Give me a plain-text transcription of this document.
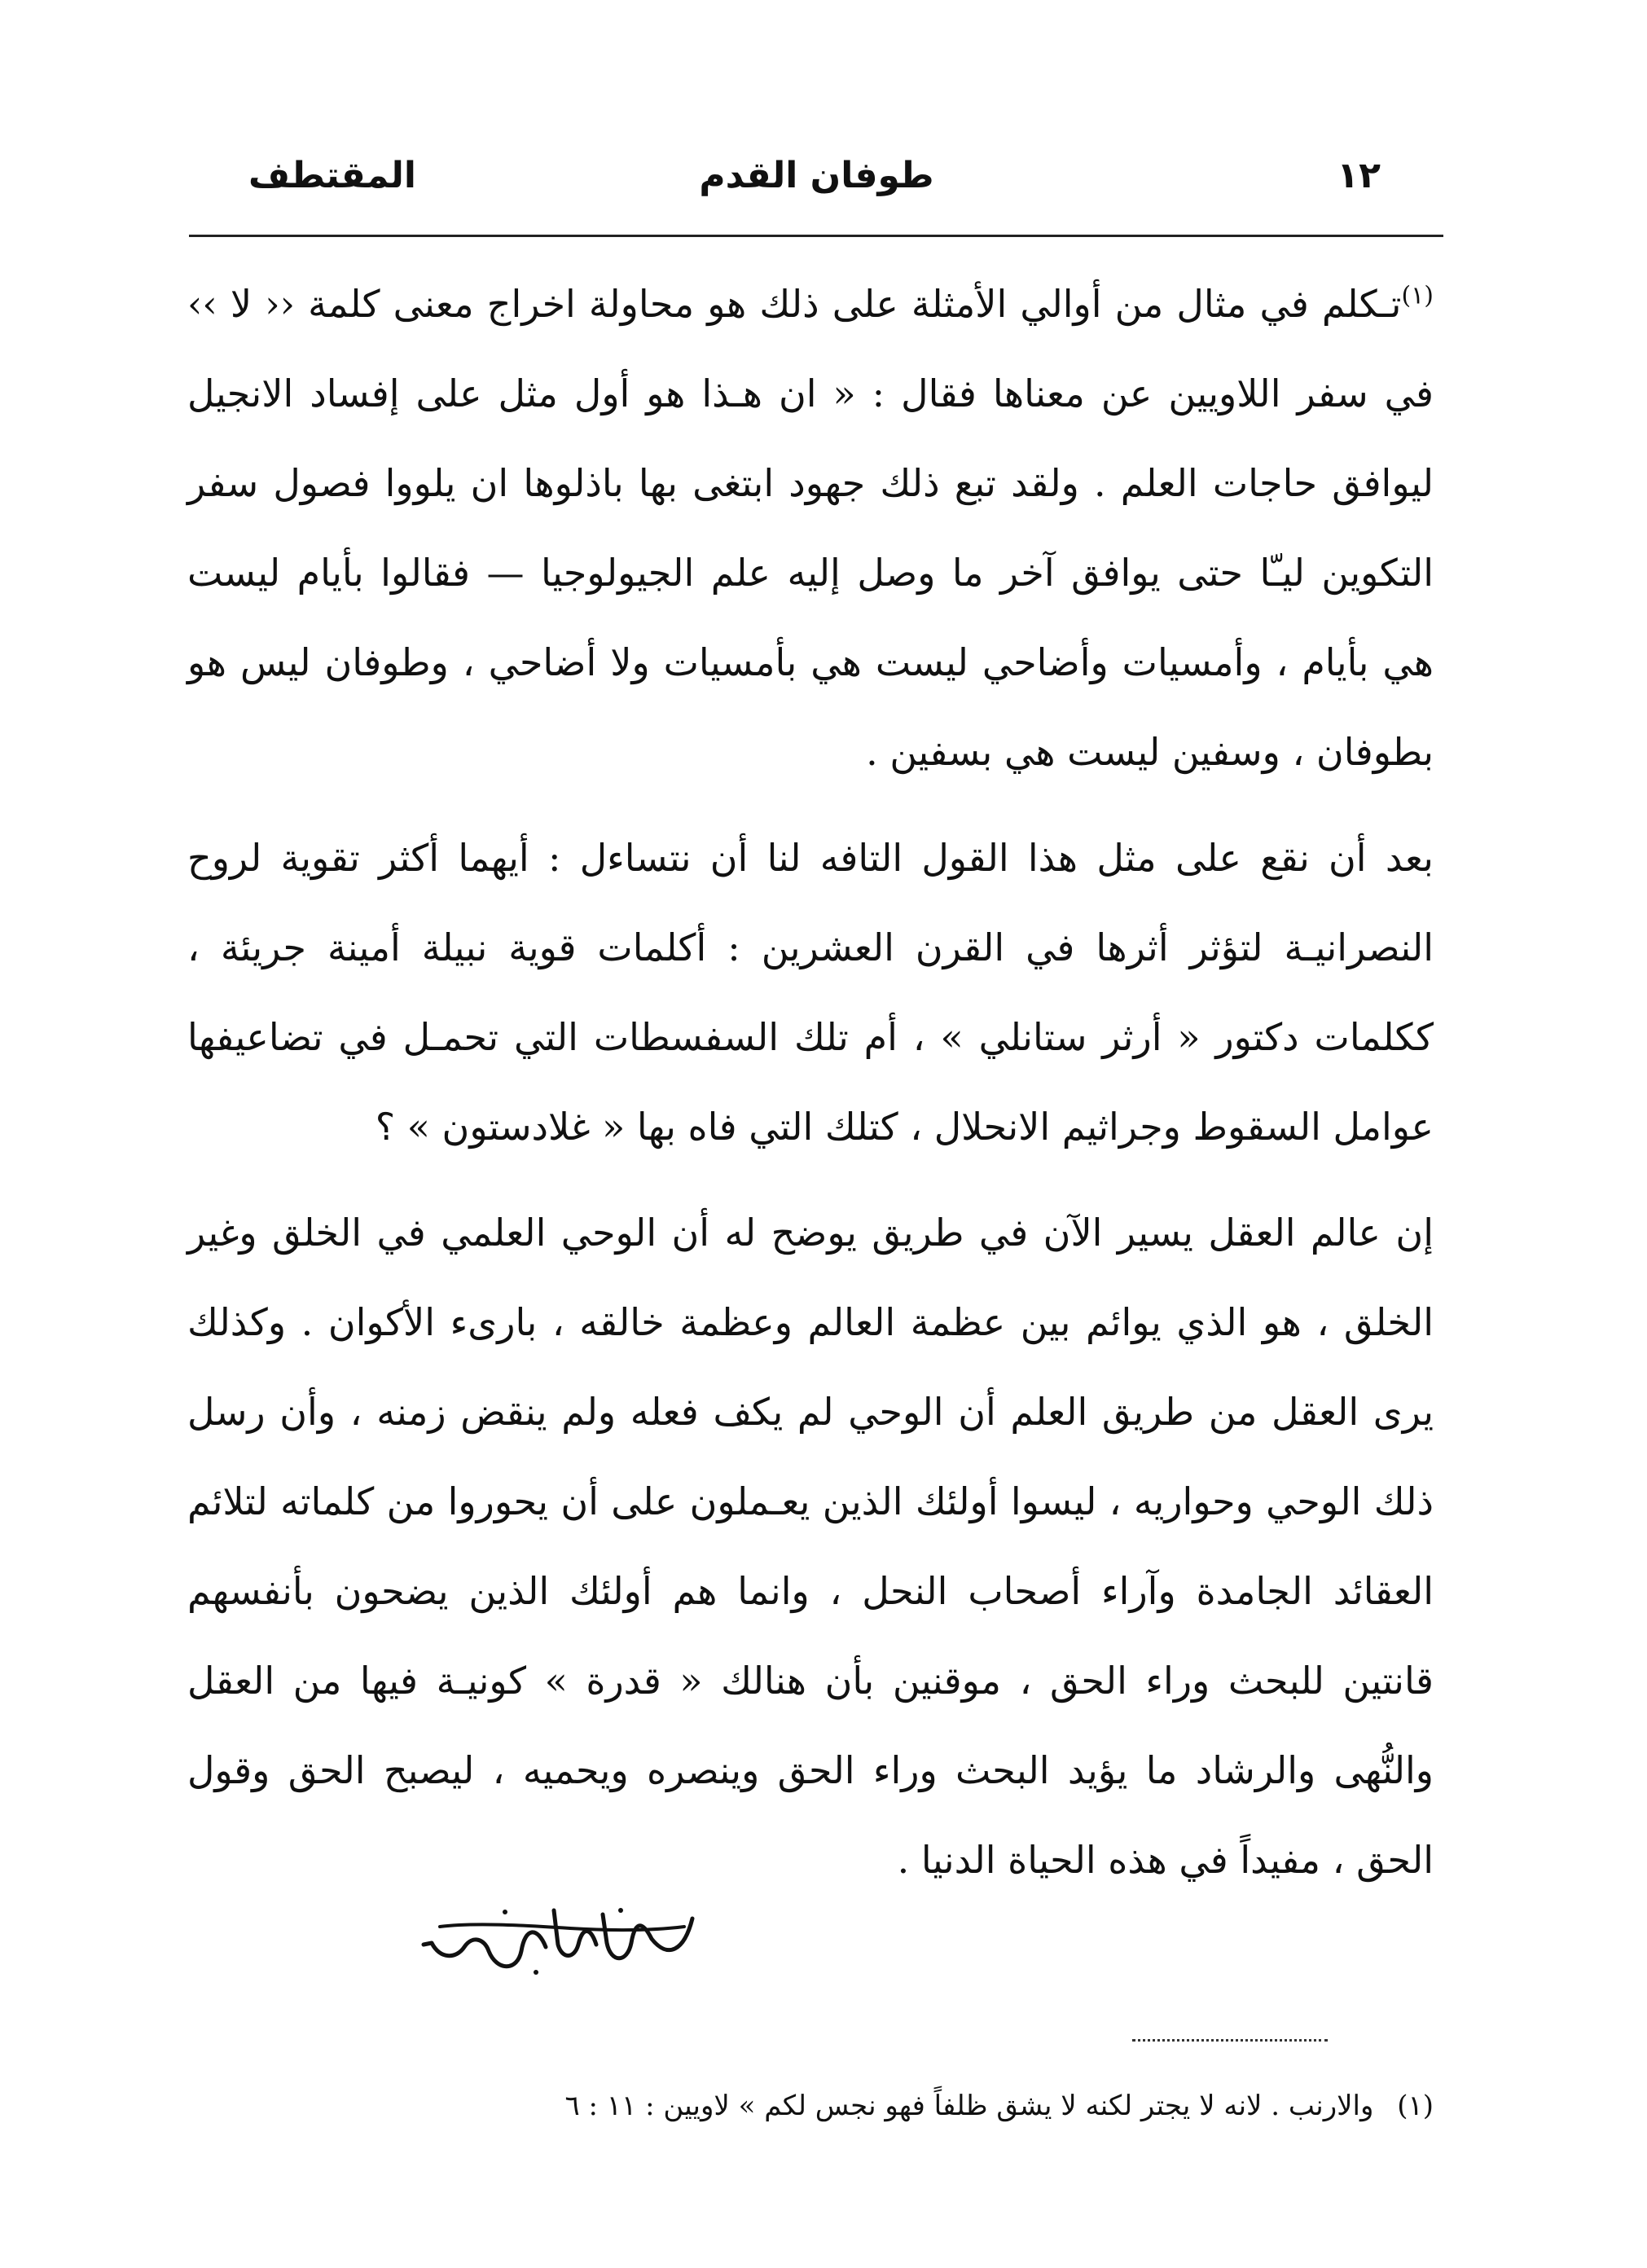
١٢
طوفان القدم
المقتطف

$^{(١)}$تـكلم في مثال من أوالي الأمثلة على ذلك هو محاولة اخراج معنى كلمة ‹‹ لا ›› في سفر اللاويين عن معناها فقال : « ان هـذا هو أول مثل على إفساد الانجيل ليوافق حاجات العلم . ولقد تبع ذلك جهود ابتغى بها باذلوها ان يلووا فصول سفر التكوين ليـّا حتى يوافق آخر ما وصل إليه علم الجيولوجيا — فقالوا بأيام ليست هي بأيام ، وأمسيات وأضاحي ليست هي بأمسيات ولا أضاحي ، وطوفان ليس هو بطوفان ، وسفين ليست هي بسفين .

بعد أن نقع على مثل هذا القول التافه لنا أن نتساءل : أيهما أكثر تقوية لروح النصرانيـة لتؤثر أثرها في القرن العشرين : أكلمات قوية نبيلة أمينة جريئة ، ككلمات دكتور « أرثر ستانلي » ، أم تلك السفسطات التي تحمـل في تضاعيفها عوامل السقوط وجراثيم الانحلال ، كتلك التي فاه بها « غلادستون » ؟

إن عالم العقل يسير الآن في طريق يوضح له أن الوحي العلمي في الخلق وغير الخلق ، هو الذي يوائم بين عظمة العالم وعظمة خالقه ، بارىء الأكوان . وكذلك يرى العقل من طريق العلم أن الوحي لم يكف فعله ولم ينقض زمنه ، وأن رسل ذلك الوحي وحواريه ، ليسوا أولئك الذين يعـملون على أن يحوروا من كلماته لتلائم العقائد الجامدة وآراء أصحاب النحل ، وانما هم أولئك الذين يضحون بأنفسهم قانتين للبحث وراء الحق ، موقنين بأن هنالك « قدرة » كونيـة فيها من العقل والنُّهى والرشاد ما يؤيد البحث وراء الحق وينصره ويحميه ، ليصبح الحق وقول الحق ، مفيداً في هذه الحياة الدنيا .

(١) والارنب . لانه لا يجتر لكنه لا يشق ظلفاً فهو نجس لكم » لاويين : ١١ : ٦
